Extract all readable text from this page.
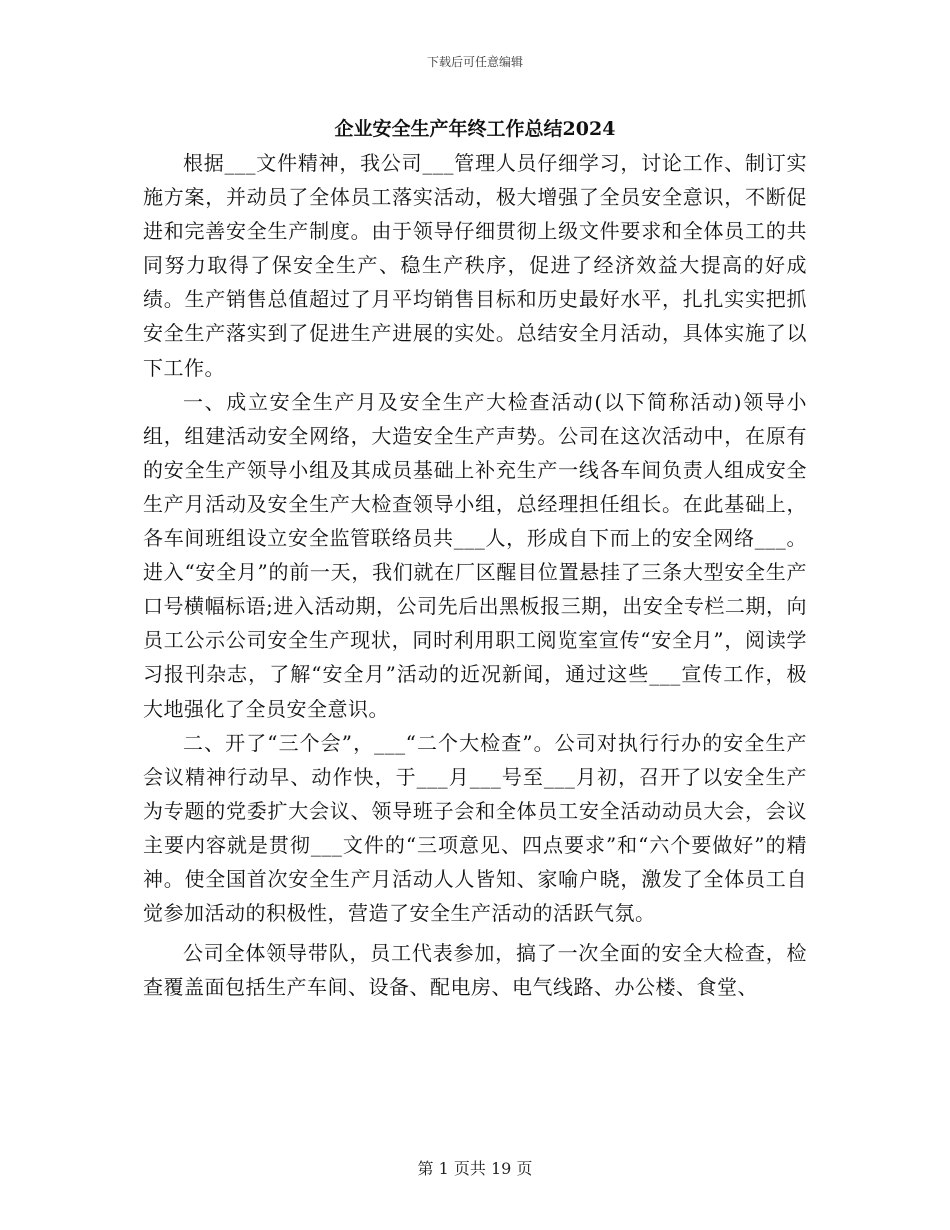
下载后可任意编辑
企业安全生产年终工作总结2024

根据___文件精神，我公司___管理人员仔细学习，讨论工作、制订实施方案，并动员了全体员工落实活动，极大增强了全员安全意识，不断促进和完善安全生产制度。由于领导仔细贯彻上级文件要求和全体员工的共同努力取得了保安全生产、稳生产秩序，促进了经济效益大提高的好成绩。生产销售总值超过了月平均销售目标和历史最好水平，扎扎实实把抓安全生产落实到了促进生产进展的实处。总结安全月活动，具体实施了以下工作。

一、成立安全生产月及安全生产大检查活动(以下简称活动)领导小组，组建活动安全网络，大造安全生产声势。公司在这次活动中，在原有的安全生产领导小组及其成员基础上补充生产一线各车间负责人组成安全生产月活动及安全生产大检查领导小组，总经理担任组长。在此基础上，各车间班组设立安全监管联络员共___人，形成自下而上的安全网络___。进入“安全月”的前一天，我们就在厂区醒目位置悬挂了三条大型安全生产口号横幅标语;进入活动期，公司先后出黑板报三期，出安全专栏二期，向员工公示公司安全生产现状，同时利用职工阅览室宣传“安全月”，阅读学习报刊杂志，了解“安全月”活动的近况新闻，通过这些___宣传工作，极大地强化了全员安全意识。

二、开了“三个会”，___“二个大检查”。公司对执行行办的安全生产会议精神行动早、动作快，于___月___号至___月初，召开了以安全生产为专题的党委扩大会议、领导班子会和全体员工安全活动动员大会，会议主要内容就是贯彻___文件的“三项意见、四点要求”和“六个要做好”的精神。使全国首次安全生产月活动人人皆知、家喻户晓，激发了全体员工自觉参加活动的积极性，营造了安全生产活动的活跃气氛。

公司全体领导带队，员工代表参加，搞了一次全面的安全大检查，检查覆盖面包括生产车间、设备、配电房、电气线路、办公楼、食堂、

第 1 页共 19 页
